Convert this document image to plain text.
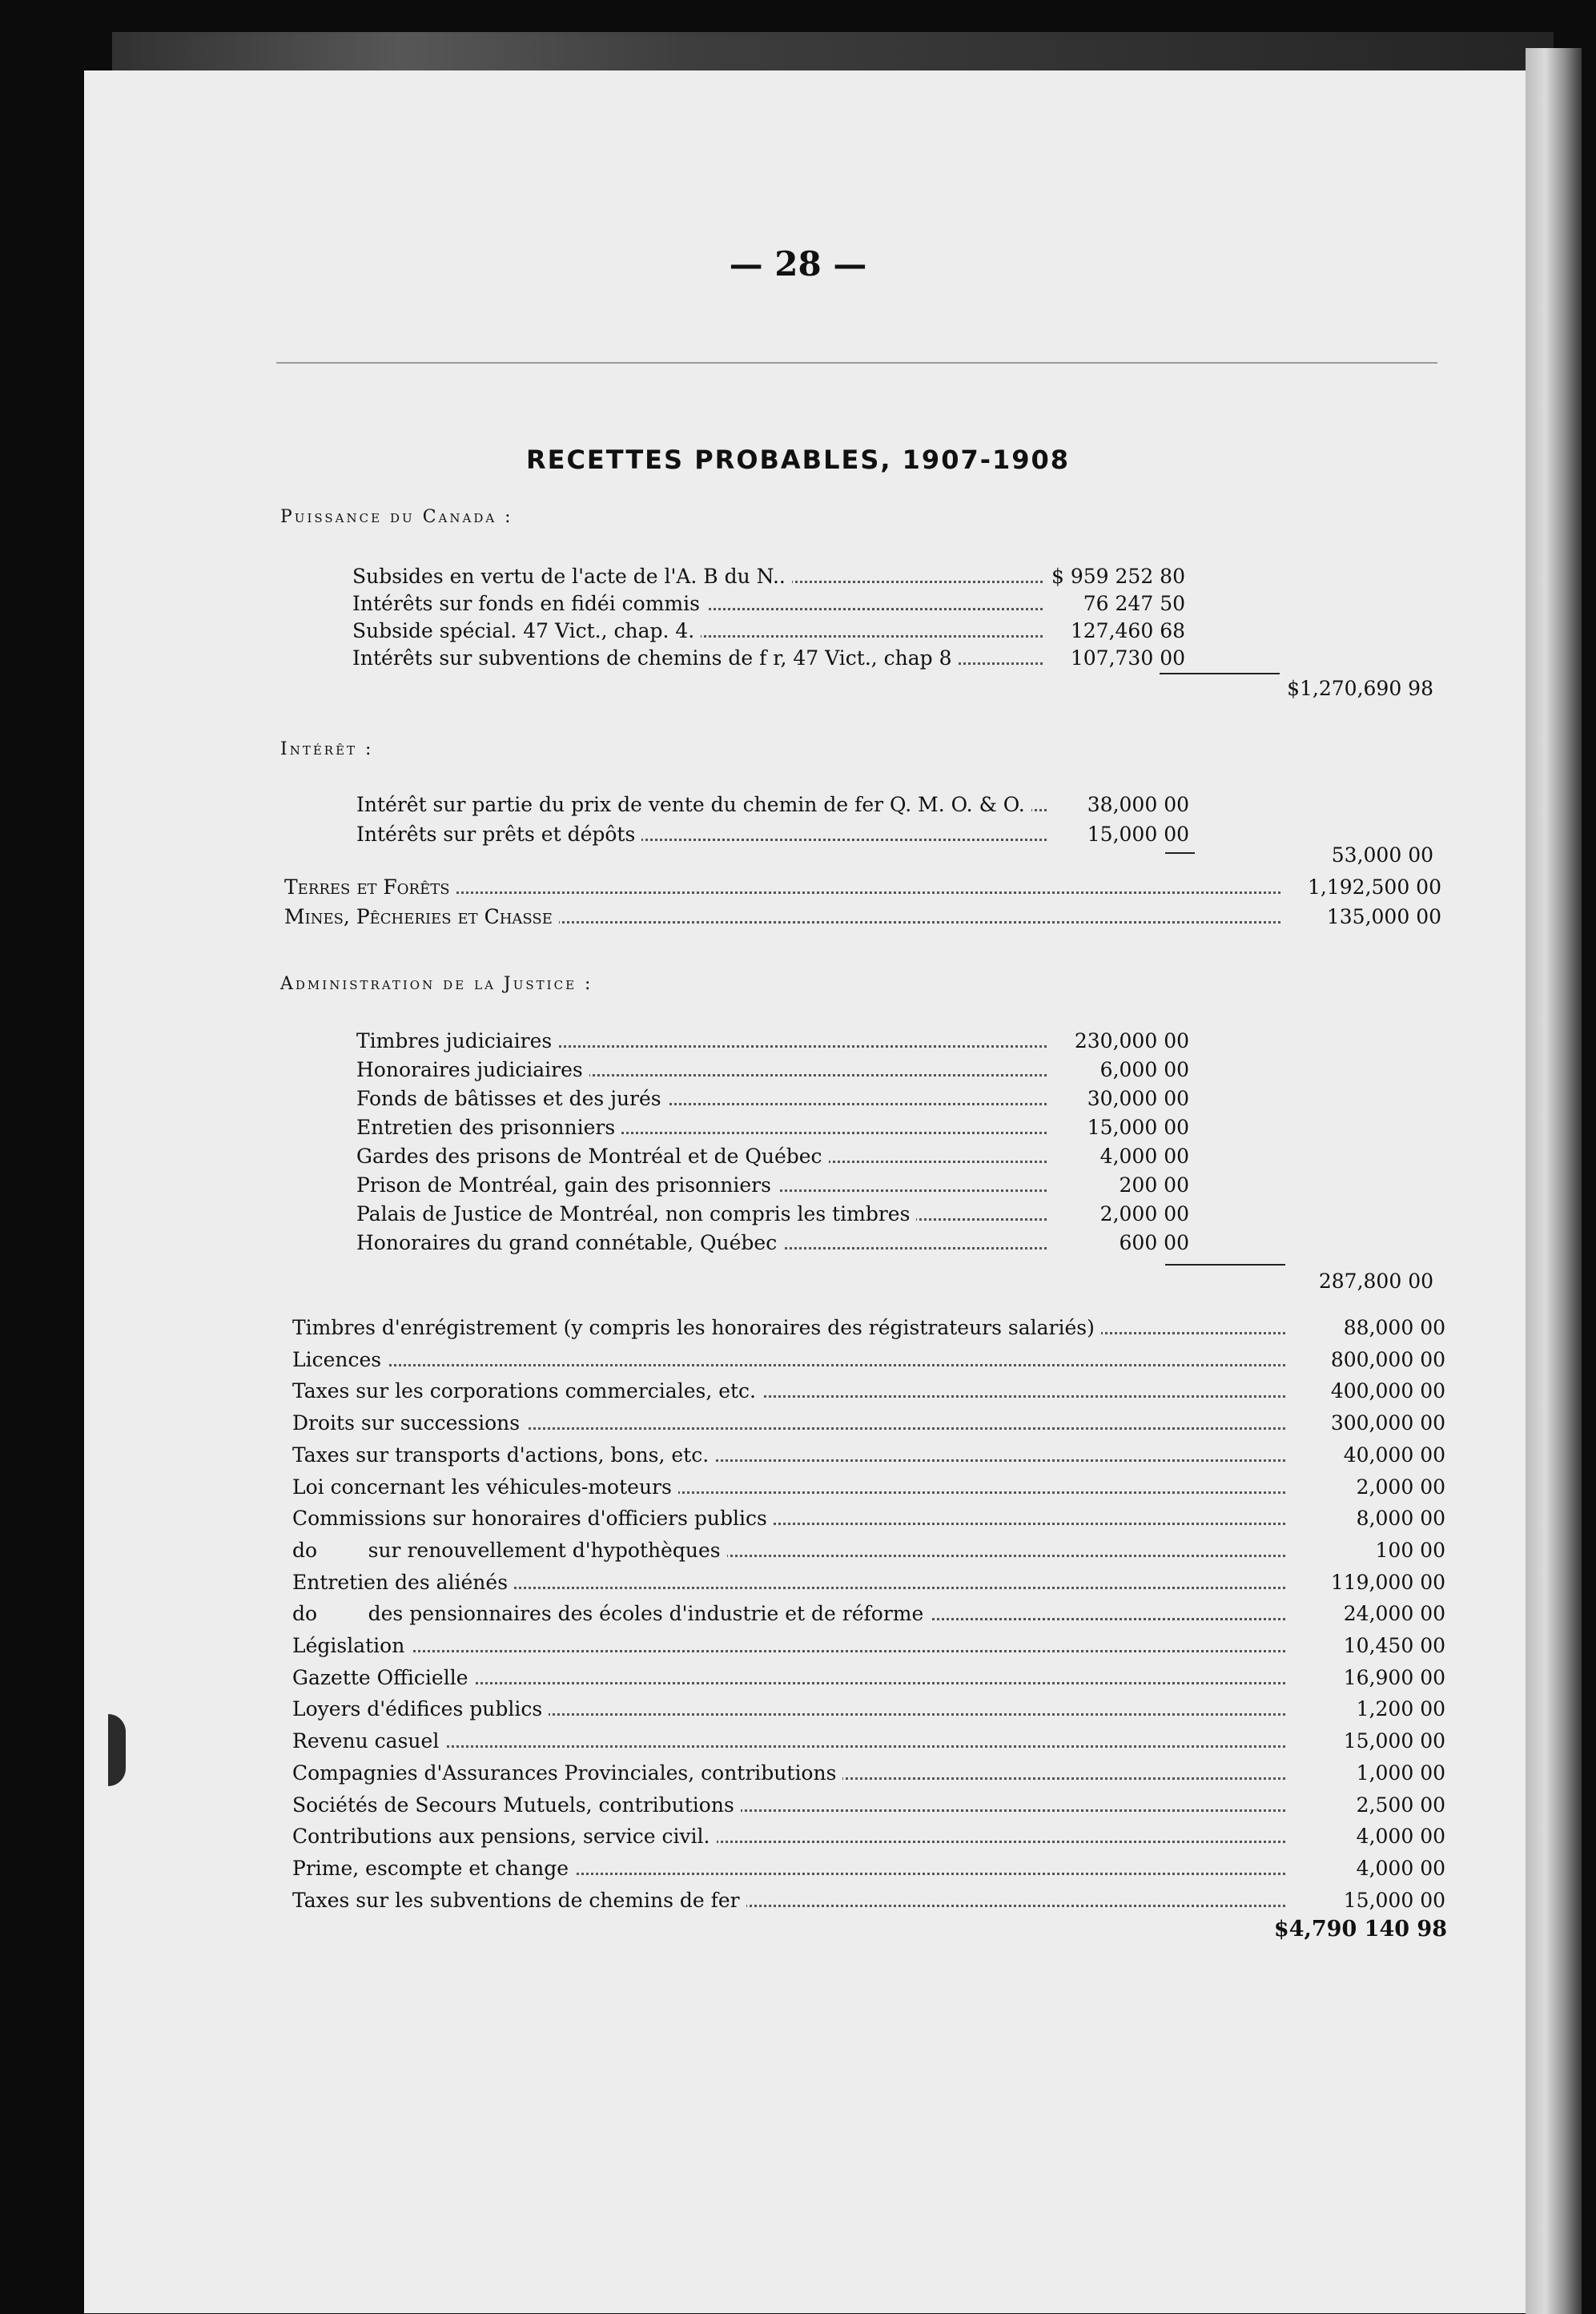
— 28 —
RECETTES PROBABLES, 1907-1908
Puissance du Canada :
Subsides en vertu de l'acte de l'A. B du N..	$ 959 252 80
Intérêts sur fonds en fidéi commis	76 247 50
Subside spécial. 47 Vict., chap. 4.	127,460 68
Intérêts sur subventions de chemins de f r, 47 Vict., chap 8	107,730 00
$1,270,690 98
Intérêt :
Intérêt sur partie du prix de vente du chemin de fer Q. M. O. & O.	38,000 00
Intérêts sur prêts et dépôts	15,000 00
53,000 00
Terres et Forêts	1,192,500 00
Mines, Pêcheries et Chasse	135,000 00
Administration de la Justice :
Timbres judiciaires	230,000 00
Honoraires judiciaires	6,000 00
Fonds de bâtisses et des jurés	30,000 00
Entretien des prisonniers	15,000 00
Gardes des prisons de Montréal et de Québec	4,000 00
Prison de Montréal, gain des prisonniers	200 00
Palais de Justice de Montréal, non compris les timbres	2,000 00
Honoraires du grand connétable, Québec	600 00
287,800 00
Timbres d'enrégistrement (y compris les honoraires des régistrateurs salariés)	88,000 00
Licences	800,000 00
Taxes sur les corporations commerciales, etc.	400,000 00
Droits sur successions	300,000 00
Taxes sur transports d'actions, bons, etc.	40,000 00
Loi concernant les véhicules-moteurs	2,000 00
Commissions sur honoraires d'officiers publics	8,000 00
do        sur renouvellement d'hypothèques	100 00
Entretien des aliénés	119,000 00
do        des pensionnaires des écoles d'industrie et de réforme	24,000 00
Législation	10,450 00
Gazette Officielle	16,900 00
Loyers d'édifices publics	1,200 00
Revenu casuel	15,000 00
Compagnies d'Assurances Provinciales, contributions	1,000 00
Sociétés de Secours Mutuels, contributions	2,500 00
Contributions aux pensions, service civil.	4,000 00
Prime, escompte et change	4,000 00
Taxes sur les subventions de chemins de fer	15,000 00
$4,790 140 98
